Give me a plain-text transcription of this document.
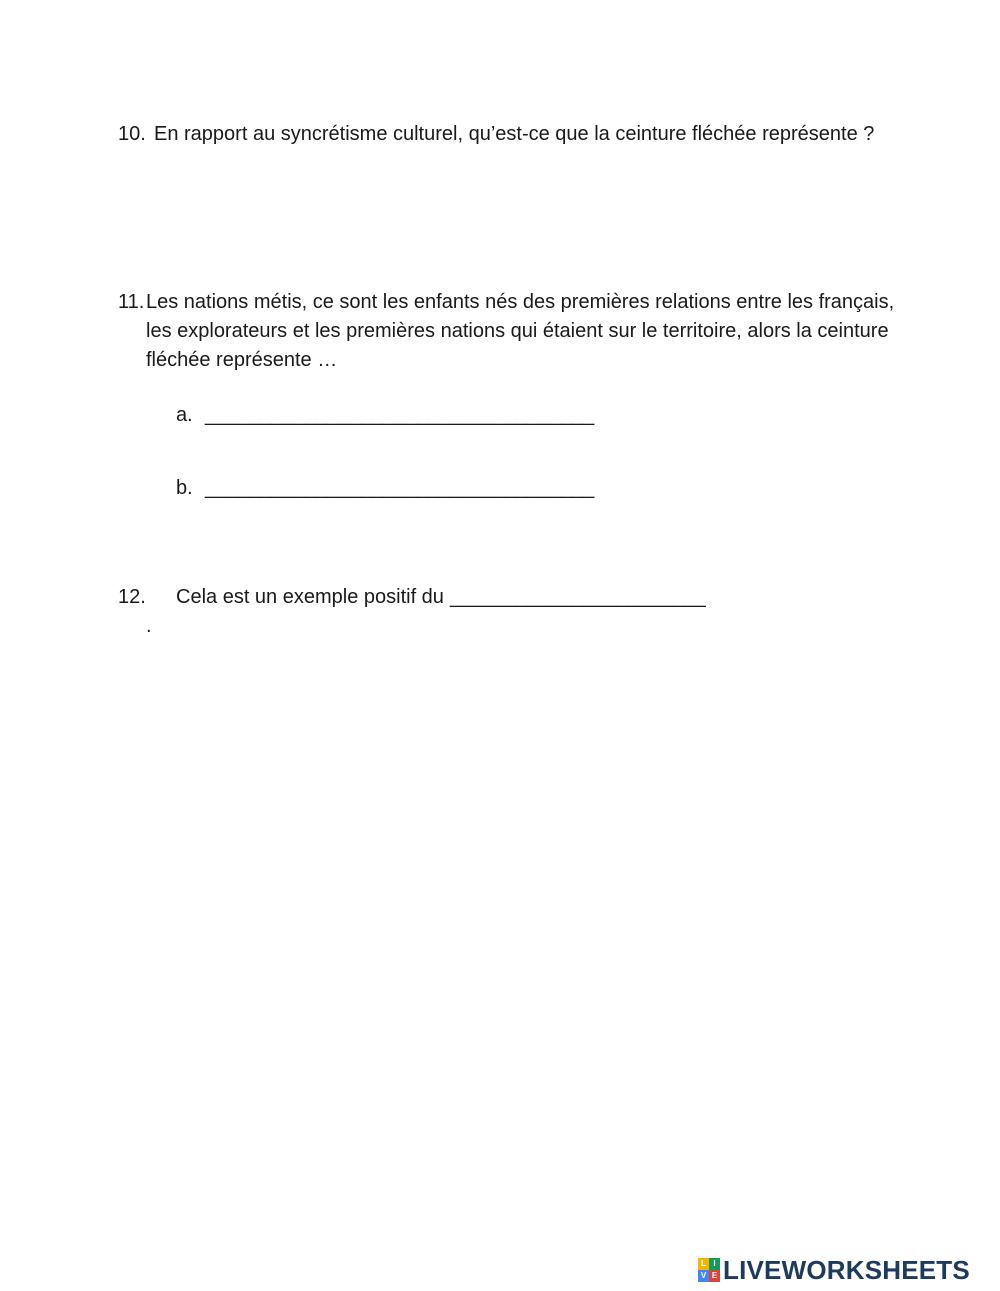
10. En rapport au syncrétisme culturel, qu’est-ce que la ceinture fléchée représente ?
11. Les nations métis, ce sont les enfants nés des premières relations entre les français, les explorateurs et les premières nations qui étaient sur le territoire, alors la ceinture fléchée représente …
a. ___________________________________
b. ___________________________________
12. Cela est un exemple positif du _______________________
.
L I
V E LIVEWORKSHEETS
